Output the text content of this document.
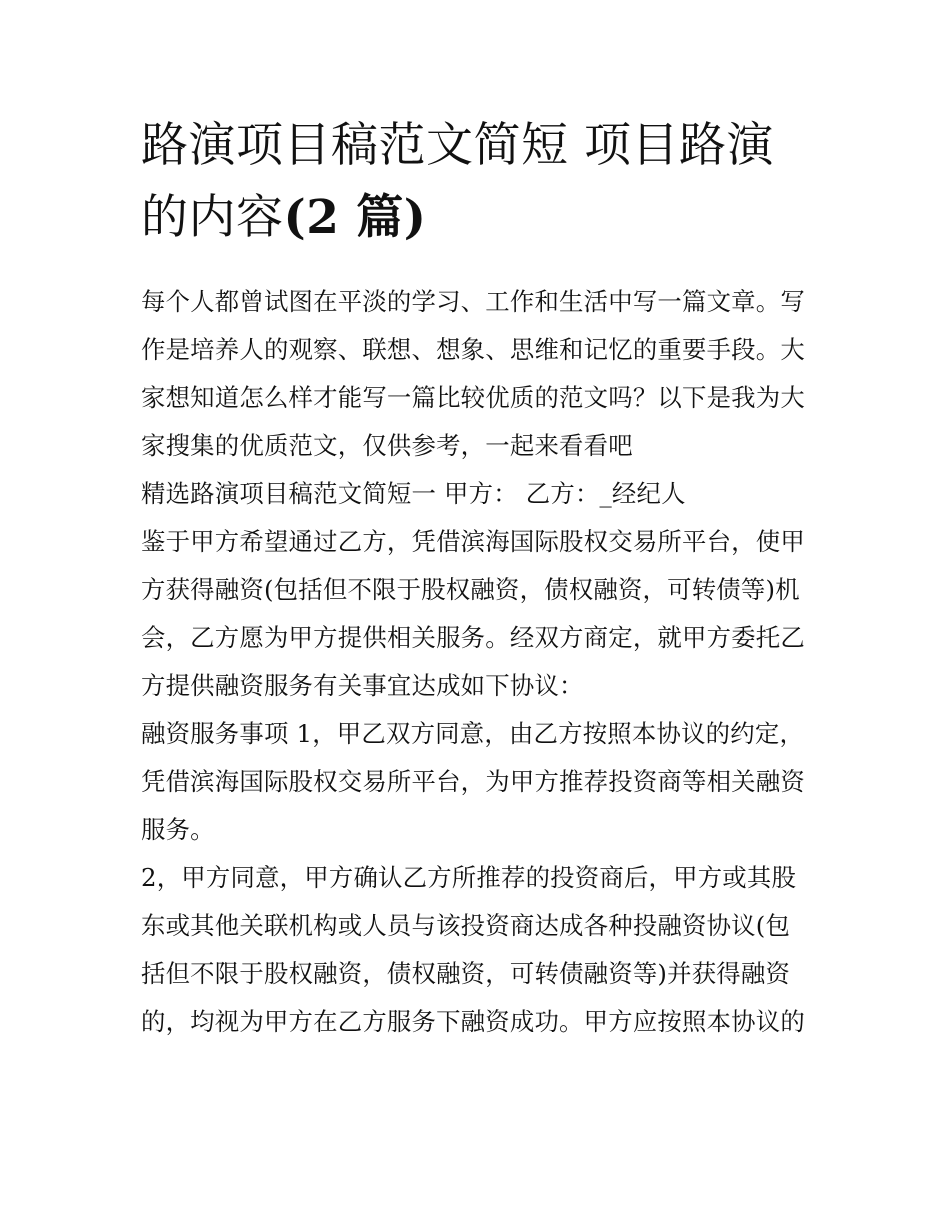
路演项目稿范文简短 项目路演
的内容(2 篇)

每个人都曾试图在平淡的学习、工作和生活中写一篇文章。写
作是培养人的观察、联想、想象、思维和记忆的重要手段。大
家想知道怎么样才能写一篇比较优质的范文吗？以下是我为大
家搜集的优质范文，仅供参考，一起来看看吧

精选路演项目稿范文简短一 甲方： 乙方：_经纪人

鉴于甲方希望通过乙方，凭借滨海国际股权交易所平台，使甲
方获得融资(包括但不限于股权融资，债权融资，可转债等)机
会，乙方愿为甲方提供相关服务。经双方商定，就甲方委托乙
方提供融资服务有关事宜达成如下协议：

融资服务事项 1，甲乙双方同意，由乙方按照本协议的约定，
凭借滨海国际股权交易所平台，为甲方推荐投资商等相关融资
服务。

2，甲方同意，甲方确认乙方所推荐的投资商后，甲方或其股
东或其他关联机构或人员与该投资商达成各种投融资协议(包
括但不限于股权融资，债权融资，可转债融资等)并获得融资
的，均视为甲方在乙方服务下融资成功。甲方应按照本协议的
